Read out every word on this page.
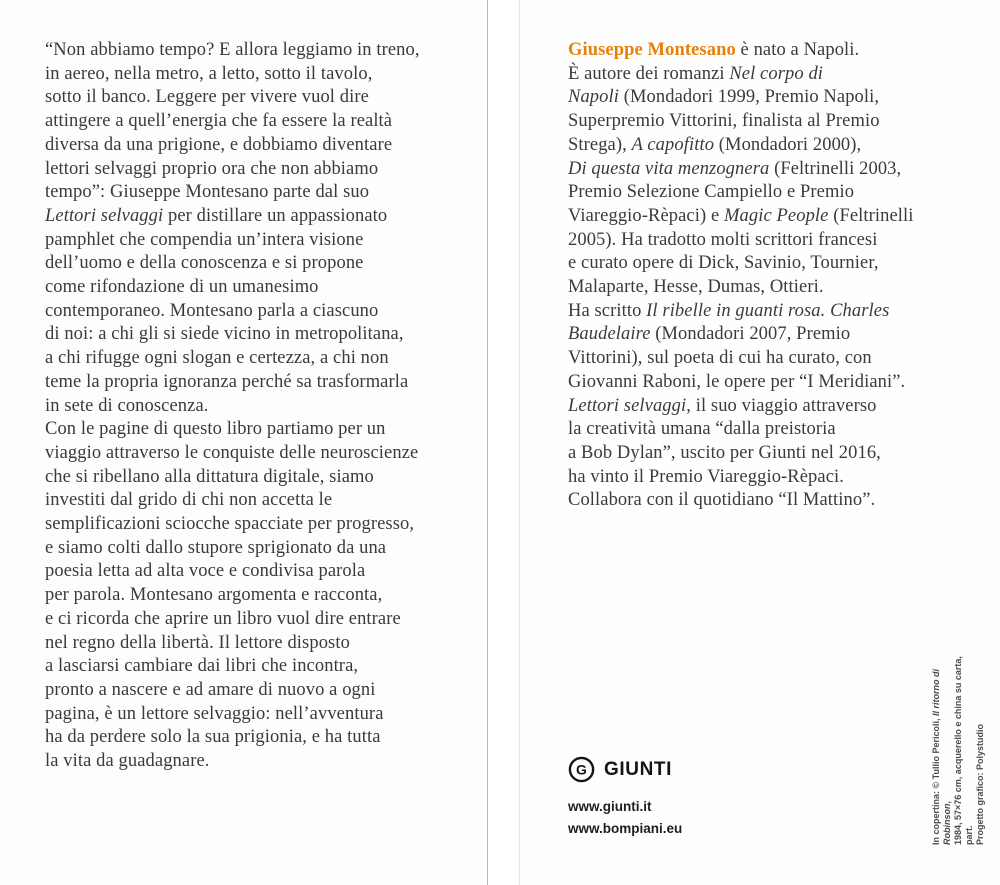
“Non abbiamo tempo? E allora leggiamo in treno,
in aereo, nella metro, a letto, sotto il tavolo,
sotto il banco. Leggere per vivere vuol dire
attingere a quell’energia che fa essere la realtà
diversa da una prigione, e dobbiamo diventare
lettori selvaggi proprio ora che non abbiamo
tempo”: Giuseppe Montesano parte dal suo
Lettori selvaggi per distillare un appassionato
pamphlet che compendia un’intera visione
dell’uomo e della conoscenza e si propone
come rifondazione di un umanesimo
contemporaneo. Montesano parla a ciascuno
di noi: a chi gli si siede vicino in metropolitana,
a chi rifugge ogni slogan e certezza, a chi non
teme la propria ignoranza perché sa trasformarla
in sete di conoscenza.
Con le pagine di questo libro partiamo per un
viaggio attraverso le conquiste delle neuroscienze
che si ribellano alla dittatura digitale, siamo
investiti dal grido di chi non accetta le
semplificazioni sciocche spacciate per progresso,
e siamo colti dallo stupore sprigionato da una
poesia letta ad alta voce e condivisa parola
per parola. Montesano argomenta e racconta,
e ci ricorda che aprire un libro vuol dire entrare
nel regno della libertà. Il lettore disposto
a lasciarsi cambiare dai libri che incontra,
pronto a nascere e ad amare di nuovo a ogni
pagina, è un lettore selvaggio: nell’avventura
ha da perdere solo la sua prigionia, e ha tutta
la vita da guadagnare.

Giuseppe Montesano è nato a Napoli.
È autore dei romanzi Nel corpo di
Napoli (Mondadori 1999, Premio Napoli,
Superpremio Vittorini, finalista al Premio
Strega), A capofitto (Mondadori 2000),
Di questa vita menzognera (Feltrinelli 2003,
Premio Selezione Campiello e Premio
Viareggio-Rèpaci) e Magic People (Feltrinelli
2005). Ha tradotto molti scrittori francesi
e curato opere di Dick, Savinio, Tournier,
Malaparte, Hesse, Dumas, Ottieri.
Ha scritto Il ribelle in guanti rosa. Charles
Baudelaire (Mondadori 2007, Premio
Vittorini), sul poeta di cui ha curato, con
Giovanni Raboni, le opere per “I Meridiani”.
Lettori selvaggi, il suo viaggio attraverso
la creatività umana “dalla preistoria
a Bob Dylan”, uscito per Giunti nel 2016,
ha vinto il Premio Viareggio-Rèpaci.
Collabora con il quotidiano “Il Mattino”.

G GIUNTI
www.giunti.it
www.bompiani.eu	In copertina: © Tullio Pericoli, Il ritorno di Robinson,
1984, 57×76 cm, acquerello e china su carta, part.
Progetto grafico: Polystudio
